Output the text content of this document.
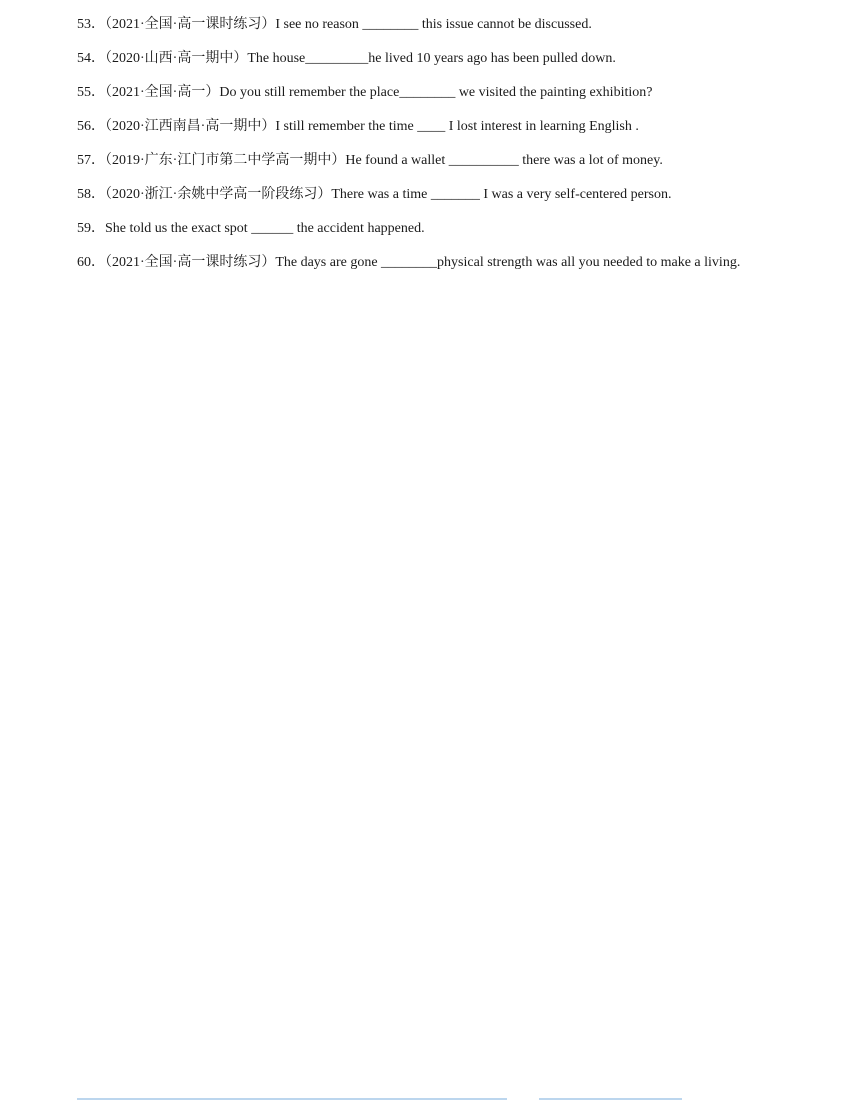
53．（2021·全国·高一课时练习）I see no reason ________ this issue cannot be discussed.
54．（2020·山西·高一期中）The house_________he lived 10 years ago has been pulled down.
55．（2021·全国·高一）Do you still remember the place________ we visited the painting exhibition?
56．（2020·江西南昌·高一期中）I still remember the time ____ I lost interest in learning English .
57．（2019·广东·江门市第二中学高一期中）He found a wallet __________ there was a lot of money.
58．（2020·浙江·余姚中学高一阶段练习）There was a time _______ I was a very self-centered person.
59．She told us the exact spot ______ the accident happened.
60．（2021·全国·高一课时练习）The days are gone ________physical strength was all you needed to make a living.
